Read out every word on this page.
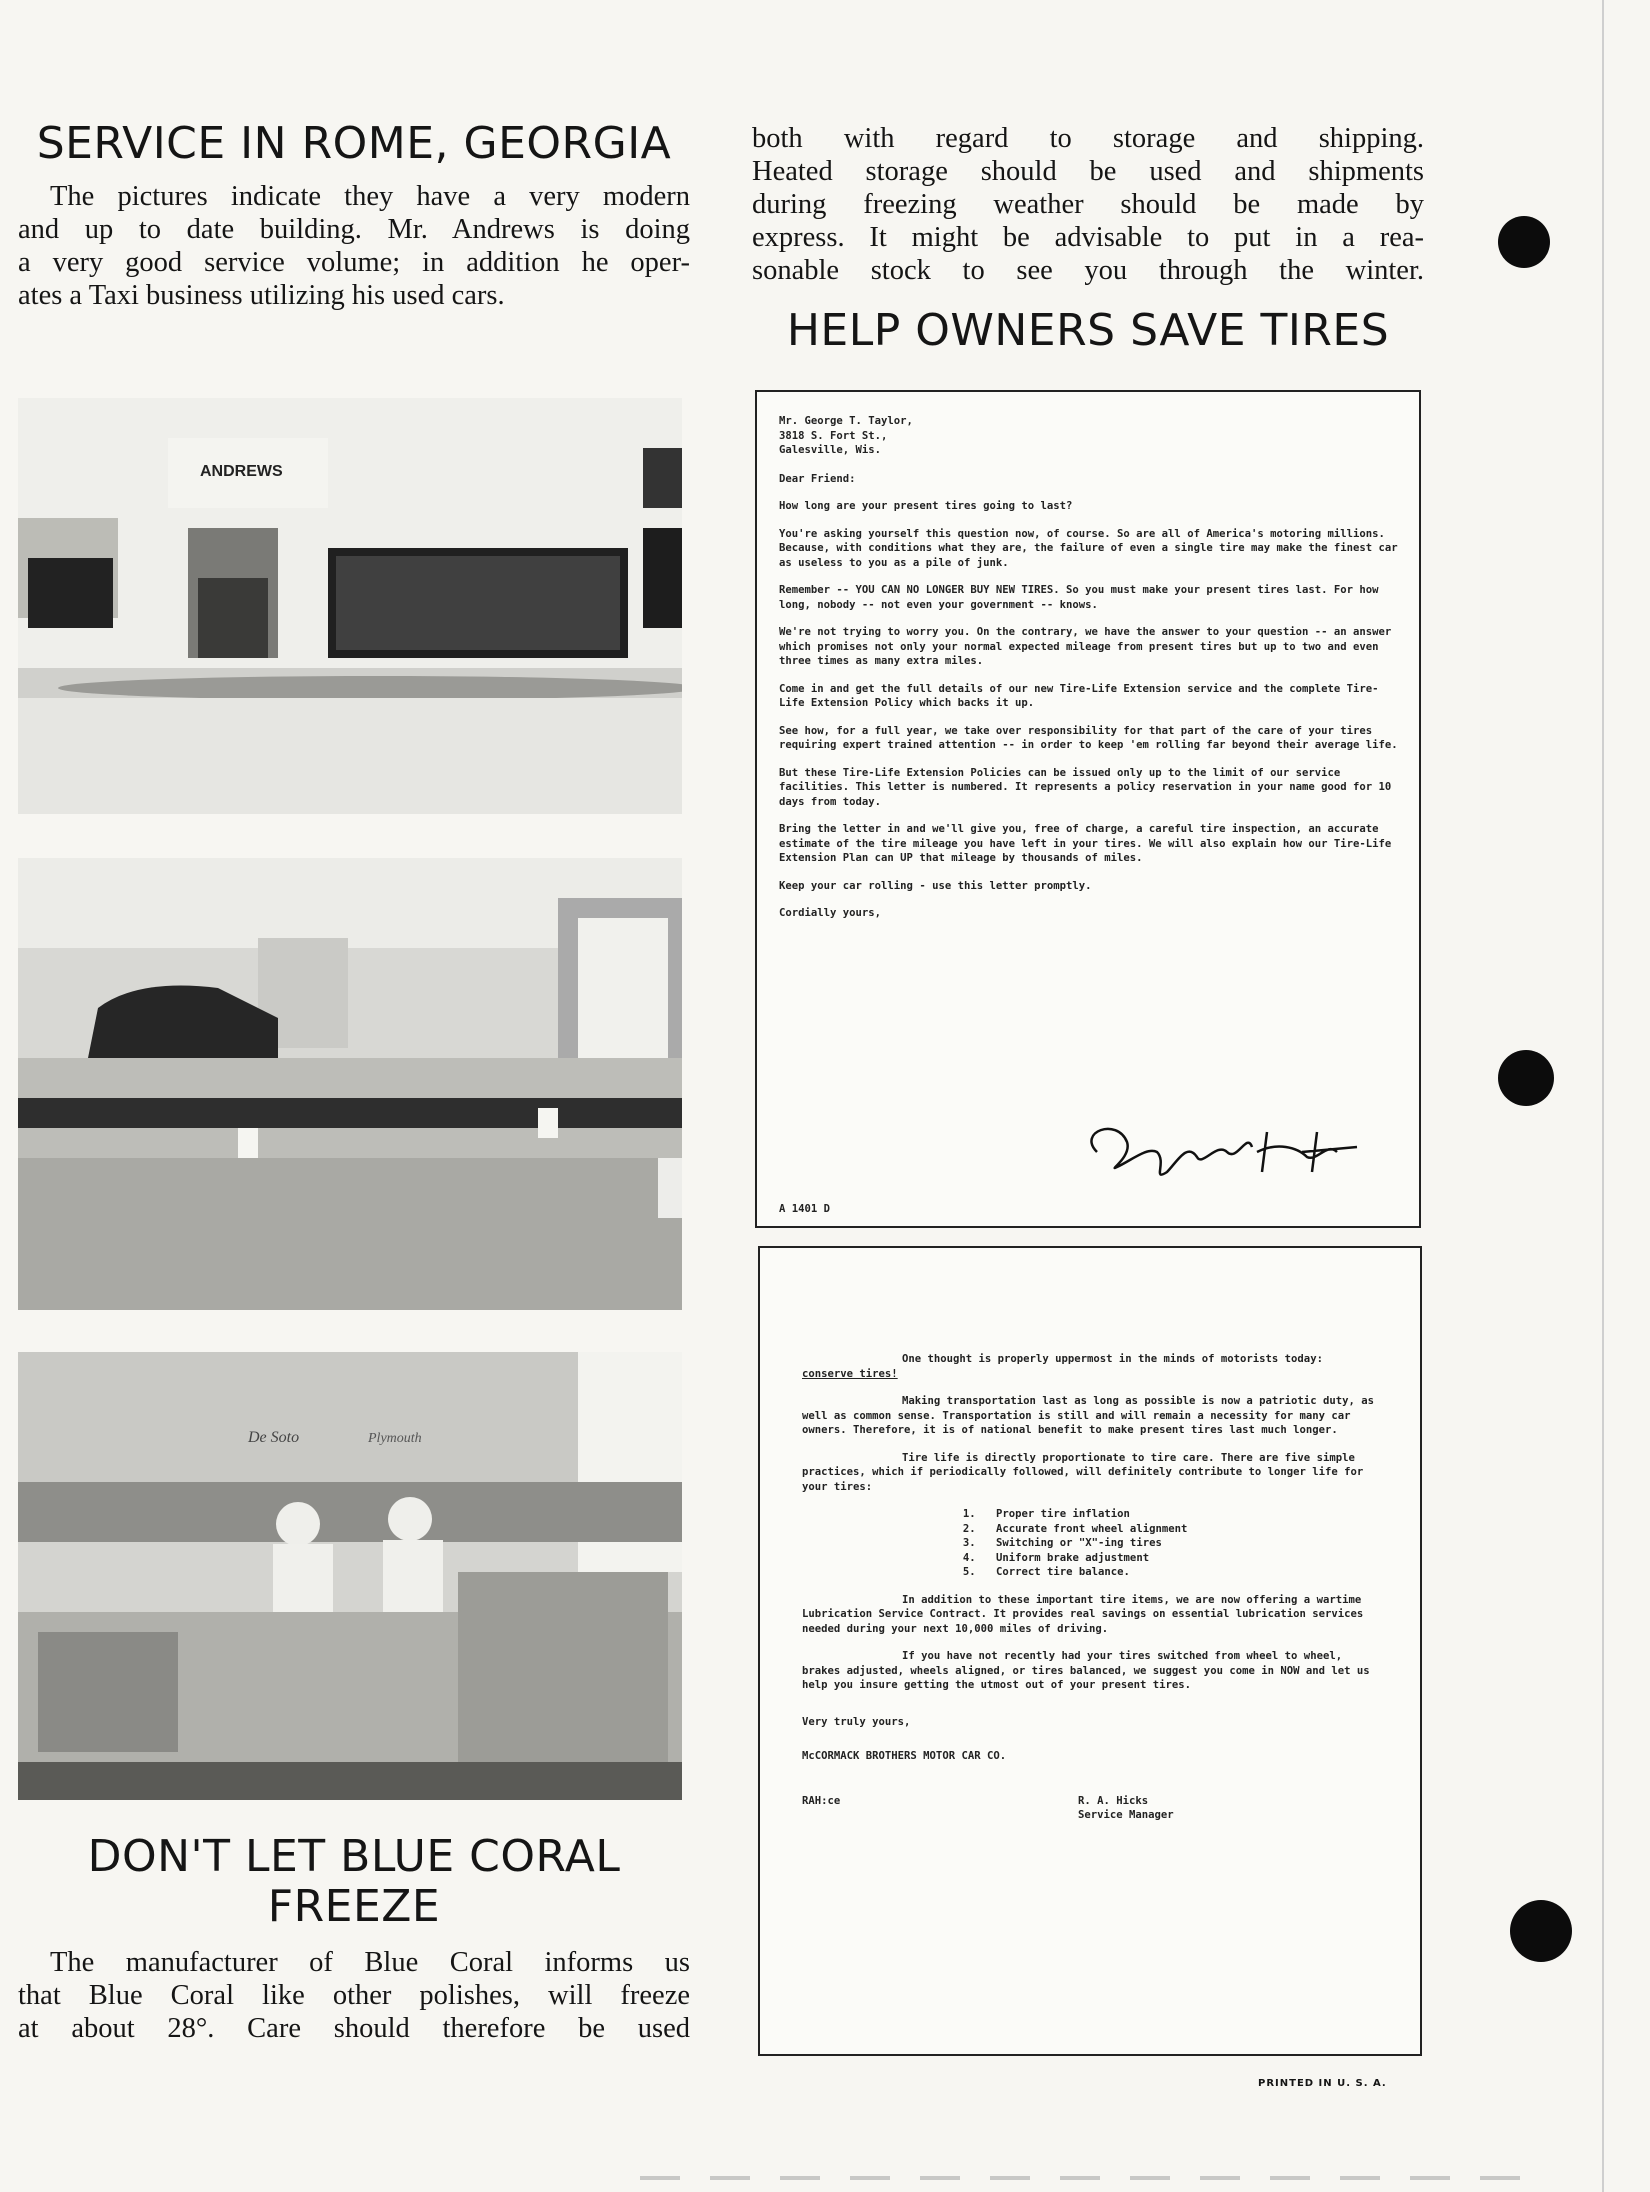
SERVICE IN ROME, GEORGIA
The pictures indicate they have a very modern
and up to date building. Mr. Andrews is doing
a very good service volume; in addition he oper-
ates a Taxi business utilizing his used cars.
ANDREWS
De Soto	Plymouth
DON'T LET BLUE CORAL
FREEZE
The manufacturer of Blue Coral informs us
that Blue Coral like other polishes, will freeze
at about 28°. Care should therefore be used
both with regard to storage and shipping.
Heated storage should be used and shipments
during freezing weather should be made by
express. It might be advisable to put in a rea-
sonable stock to see you through the winter.
HELP OWNERS SAVE TIRES

Mr. George T. Taylor,

3818 S. Fort St.,

Galesville, Wis.

Dear Friend:

How long are your present tires going to last?

You're asking yourself this question now, of course. So are all of America's motoring millions. Because, with conditions what they are, the failure of even a single tire may make the finest car as useless to you as a pile of junk.

Remember -- YOU CAN NO LONGER BUY NEW TIRES. So you must make your present tires last. For how long, nobody -- not even your government -- knows.

We're not trying to worry you. On the contrary, we have the answer to your question -- an answer which promises not only your normal expected mileage from present tires but up to two and even three times as many extra miles.

Come in and get the full details of our new Tire-Life Extension service and the complete Tire-Life Extension Policy which backs it up.

See how, for a full year, we take over responsibility for that part of the care of your tires requiring expert trained attention -- in order to keep 'em rolling far beyond their average life.

But these Tire-Life Extension Policies can be issued only up to the limit of our service facilities. This letter is numbered. It represents a policy reservation in your name good for 10 days from today.

Bring the letter in and we'll give you, free of charge, a careful tire inspection, an accurate estimate of the tire mileage you have left in your tires. We will also explain how our Tire-Life Extension Plan can UP that mileage by thousands of miles.

Keep your car rolling - use this letter promptly.

Cordially yours,

A 1401 D

One thought is properly uppermost in the minds of motorists today: conserve tires!

Making transportation last as long as possible is now a patriotic duty, as well as common sense. Transportation is still and will remain a necessity for many car owners. Therefore, it is of national benefit to make present tires last much longer.

Tire life is directly proportionate to tire care. There are five simple practices, which if periodically followed, will definitely contribute to longer life for your tires:

1. Proper tire inflation
2. Accurate front wheel alignment
3. Switching or "X"-ing tires
4. Uniform brake adjustment
5. Correct tire balance.

In addition to these important tire items, we are now offering a wartime Lubrication Service Contract. It provides real savings on essential lubrication services needed during your next 10,000 miles of driving.

If you have not recently had your tires switched from wheel to wheel, brakes adjusted, wheels aligned, or tires balanced, we suggest you come in NOW and let us help you insure getting the utmost out of your present tires.

Very truly yours,

McCORMACK BROTHERS MOTOR CAR CO.

RAH:ce	R. A. Hicks
Service Manager
PRINTED IN U. S. A.
